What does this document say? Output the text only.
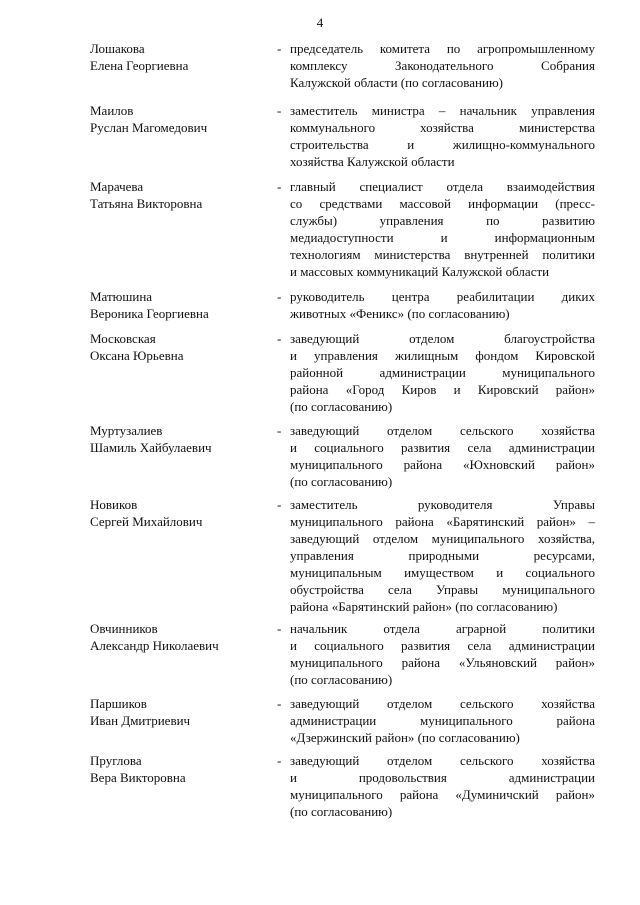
4
Лошакова
Елена Георгиевна
- председатель комитета по агропромышленному
комплексу Законодательного Собрания
Калужской области (по согласованию)
Маилов
Руслан Магомедович
- заместитель министра – начальник управления
коммунального хозяйства министерства
строительства и жилищно-коммунального
хозяйства Калужской области
Марачева
Татьяна Викторовна
- главный специалист отдела взаимодействия
со средствами массовой информации (пресс-
службы) управления по развитию
медиадоступности и информационным
технологиям министерства внутренней политики
и массовых коммуникаций Калужской области
Матюшина
Вероника Георгиевна
- руководитель центра реабилитации диких
животных «Феникс» (по согласованию)
Московская
Оксана Юрьевна
- заведующий отделом благоустройства
и управления жилищным фондом Кировской
районной администрации муниципального
района «Город Киров и Кировский район»
(по согласованию)
Муртузалиев
Шамиль Хайбулаевич
- заведующий отделом сельского хозяйства
и социального развития села администрации
муниципального района «Юхновский район»
(по согласованию)
Новиков
Сергей Михайлович
- заместитель руководителя Управы
муниципального района «Барятинский район» –
заведующий отделом муниципального хозяйства,
управления природными ресурсами,
муниципальным имуществом и социального
обустройства села Управы муниципального
района «Барятинский район» (по согласованию)
Овчинников
Александр Николаевич
- начальник отдела аграрной политики
и социального развития села администрации
муниципального района «Ульяновский район»
(по согласованию)
Паршиков
Иван Дмитриевич
- заведующий отделом сельского хозяйства
администрации муниципального района
«Дзержинский район» (по согласованию)
Пруглова
Вера Викторовна
- заведующий отделом сельского хозяйства
и продовольствия администрации
муниципального района «Думиничский район»
(по согласованию)
